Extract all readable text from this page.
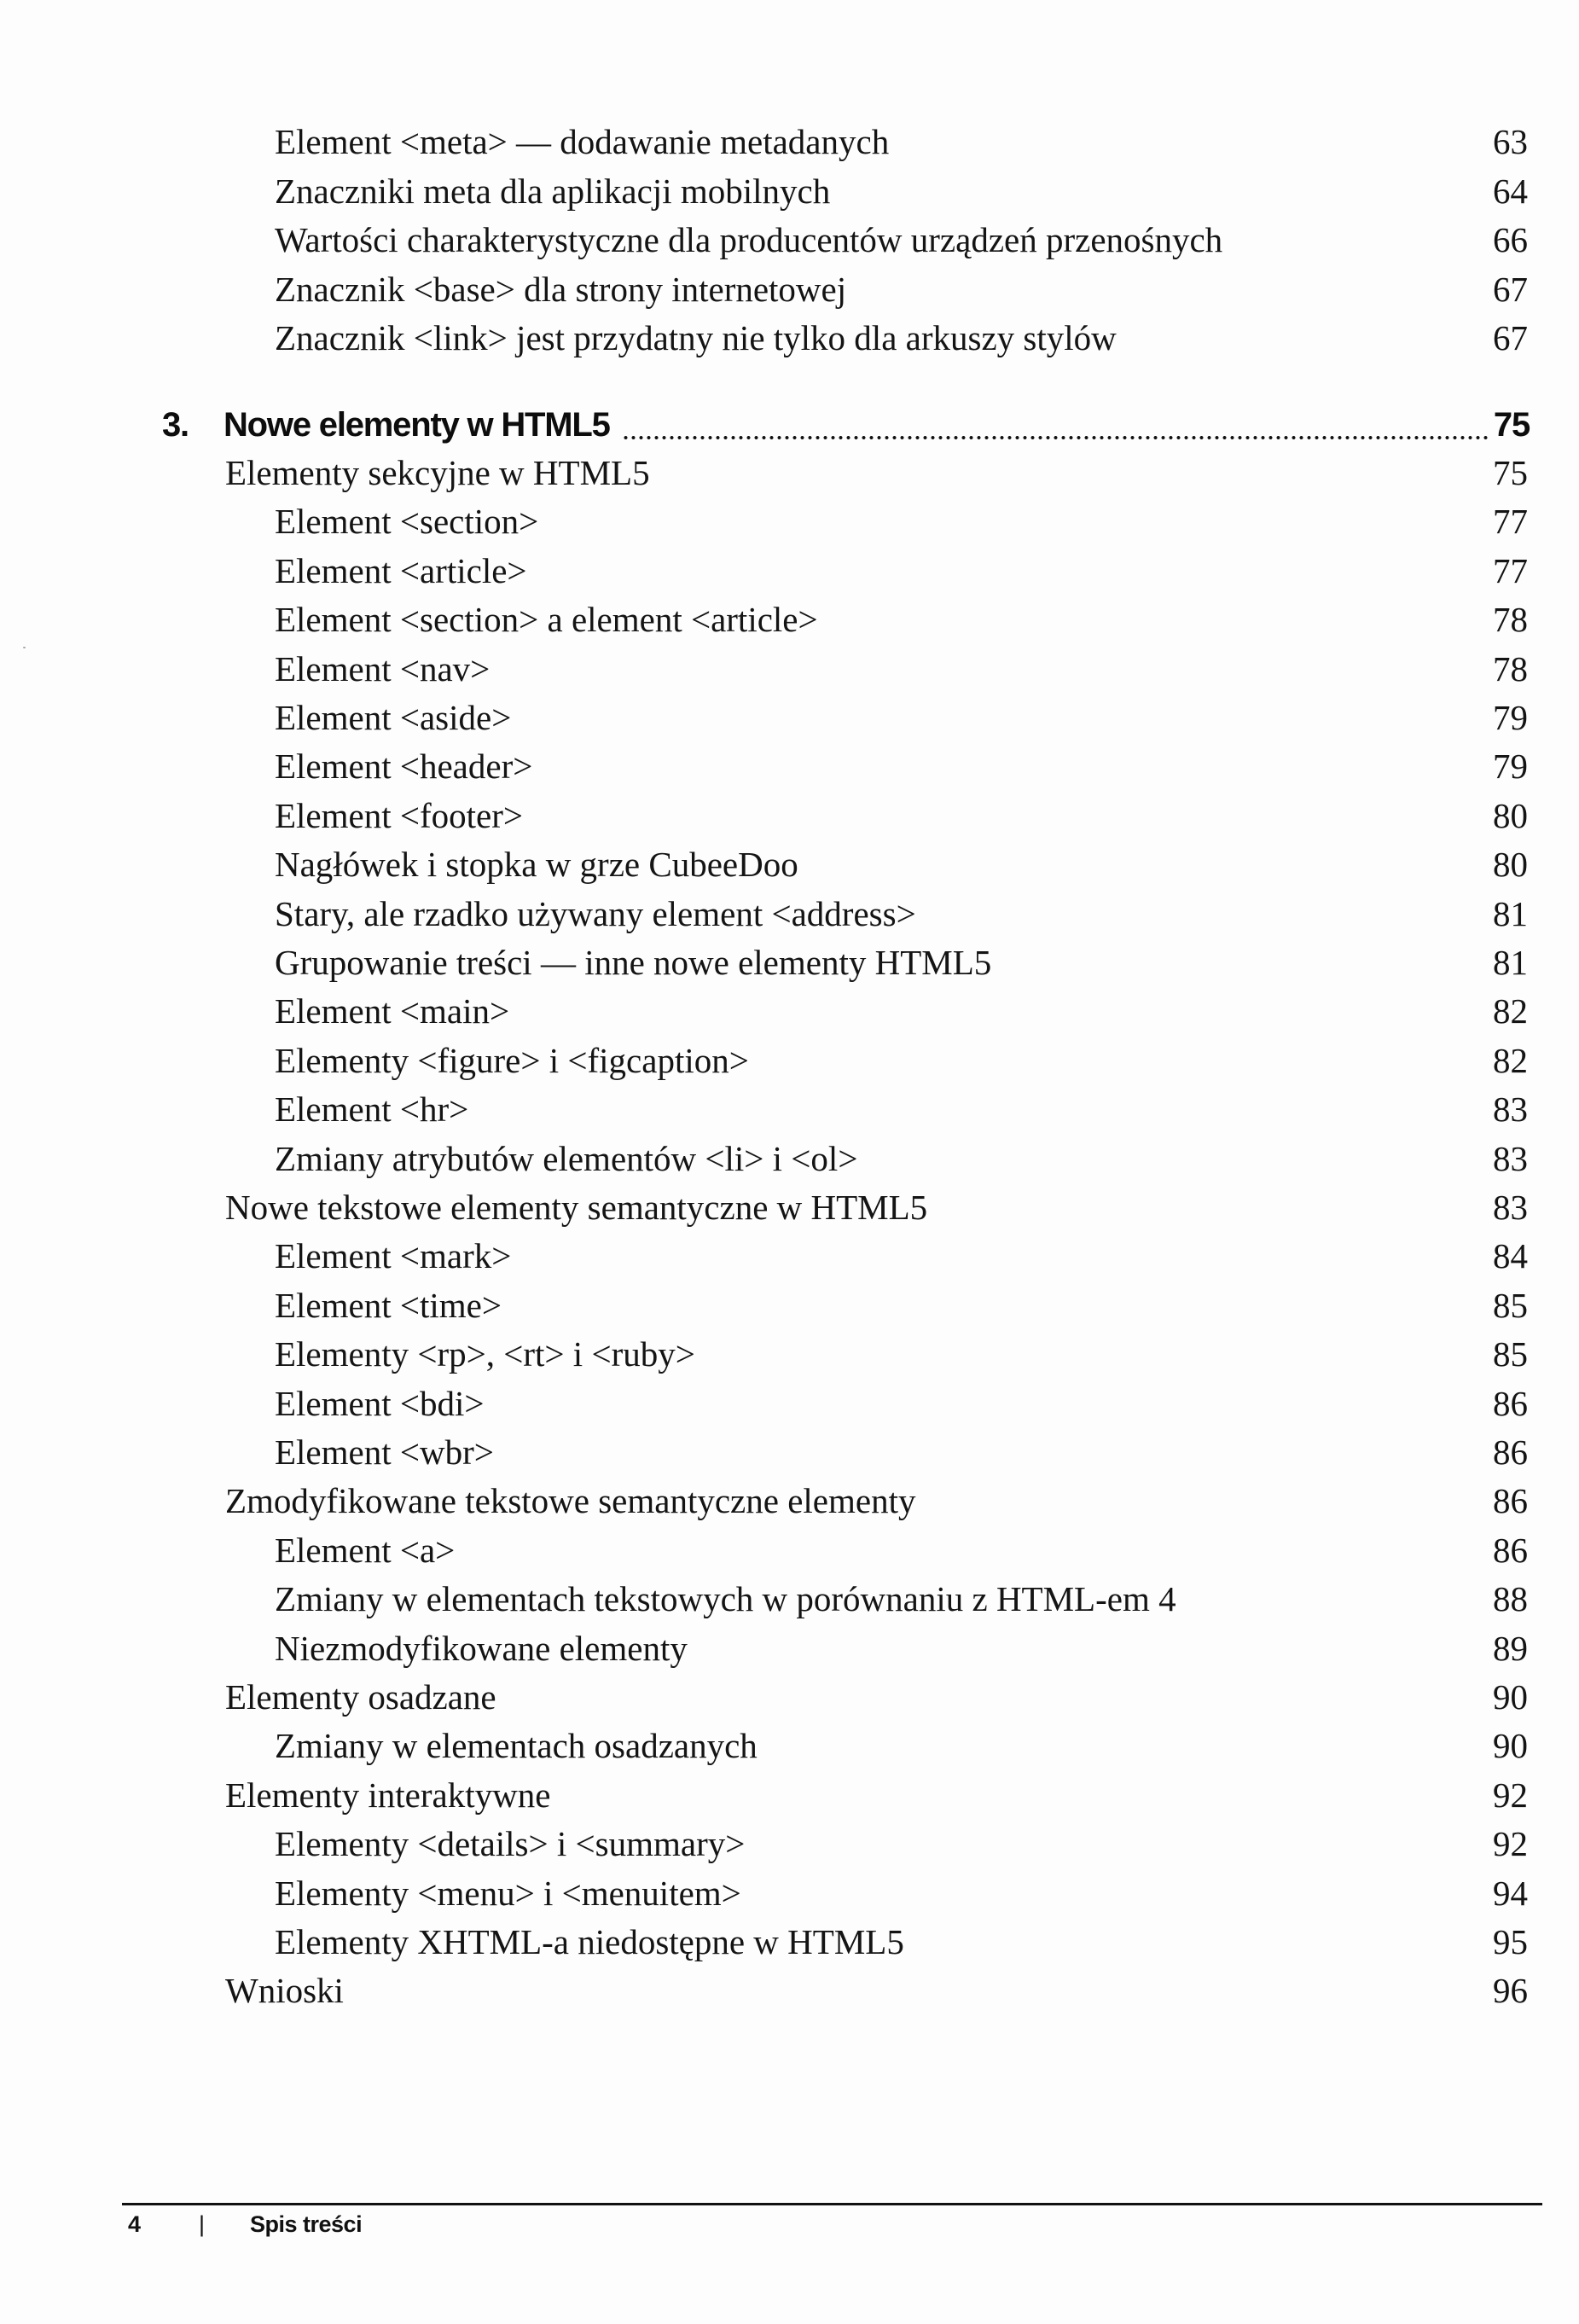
Element <meta> — dodawanie metadanych	63
Znaczniki meta dla aplikacji mobilnych	64
Wartości charakterystyczne dla producentów urządzeń przenośnych	66
Znacznik <base> dla strony internetowej	67
Znacznik <link> jest przydatny nie tylko dla arkuszy stylów	67
3. Nowe elementy w HTML5	75
Elementy sekcyjne w HTML5	75
Element <section>	77
Element <article>	77
Element <section> a element <article>	78
Element <nav>	78
Element <aside>	79
Element <header>	79
Element <footer>	80
Nagłówek i stopka w grze CubeeDoo	80
Stary, ale rzadko używany element <address>	81
Grupowanie treści — inne nowe elementy HTML5	81
Element <main>	82
Elementy <figure> i <figcaption>	82
Element <hr>	83
Zmiany atrybutów elementów <li> i <ol>	83
Nowe tekstowe elementy semantyczne w HTML5	83
Element <mark>	84
Element <time>	85
Elementy <rp>, <rt> i <ruby>	85
Element <bdi>	86
Element <wbr>	86
Zmodyfikowane tekstowe semantyczne elementy	86
Element <a>	86
Zmiany w elementach tekstowych w porównaniu z HTML-em 4	88
Niezmodyfikowane elementy	89
Elementy osadzane	90
Zmiany w elementach osadzanych	90
Elementy interaktywne	92
Elementy <details> i <summary>	92
Elementy <menu> i <menuitem>	94
Elementy XHTML-a niedostępne w HTML5	95
Wnioski	96
4	| Spis treści
